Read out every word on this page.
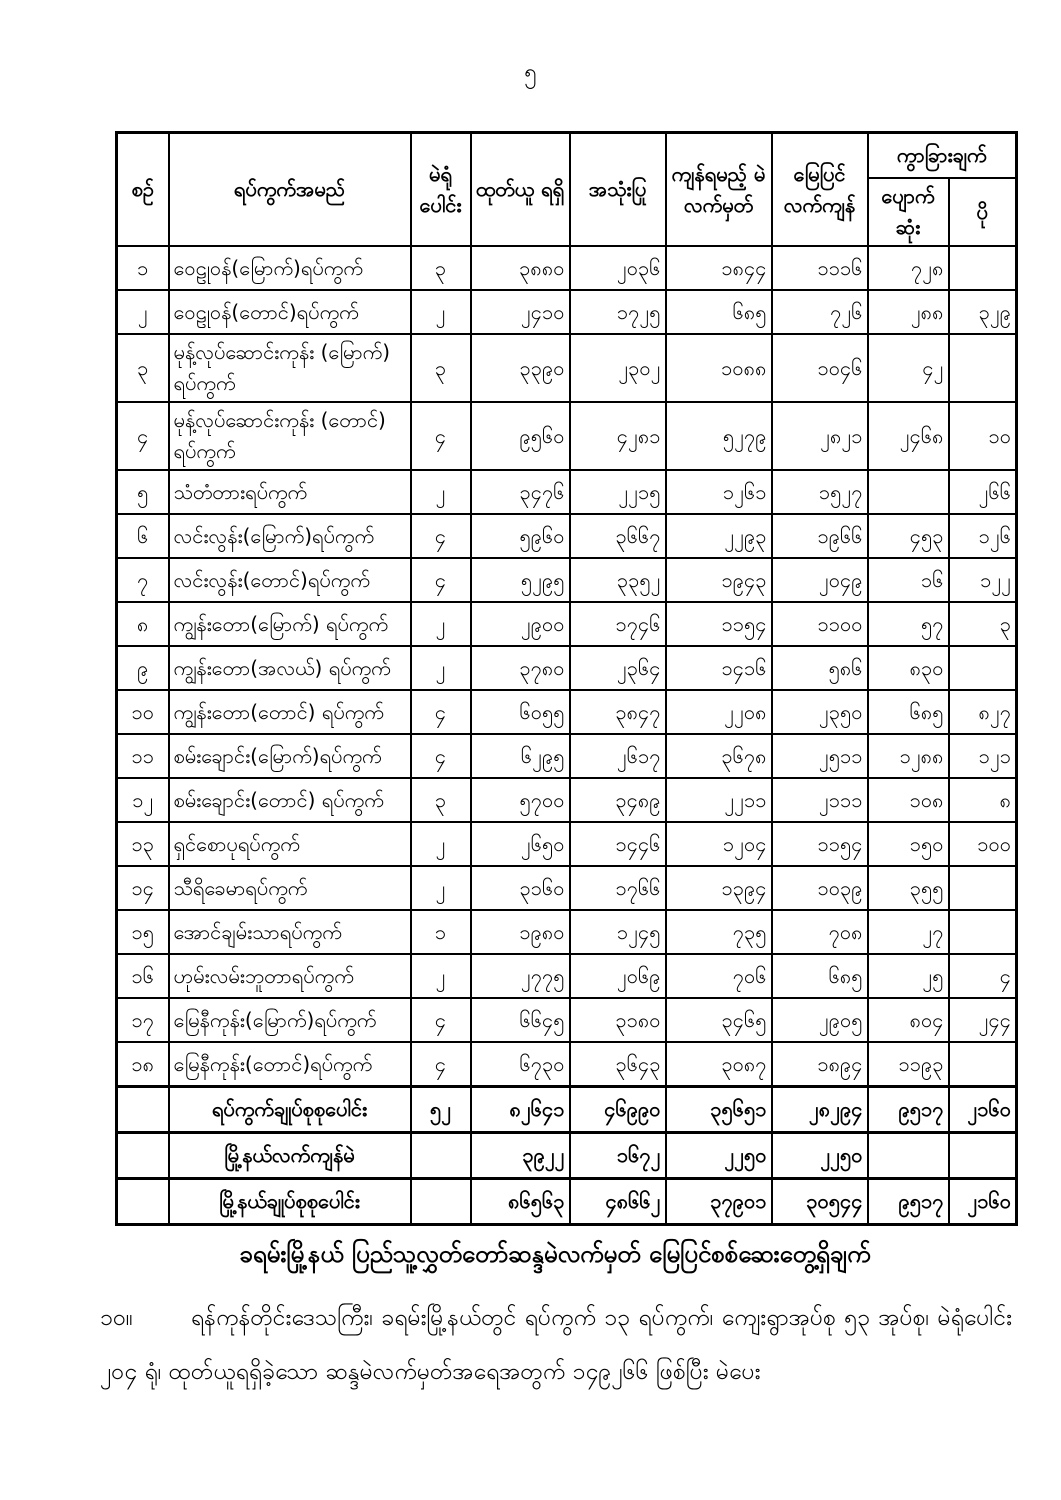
၅
စဉ်	ရပ်ကွက်အမည်	မဲရုံ ပေါင်း	ထုတ်ယူ ရရှိ	အသုံးပြု	ကျန်ရမည့် မဲလက်မှတ်	မြေပြင် လက်ကျန်	ကွာခြားချက်	
							ပျောက် ဆုံး	ပို
၁	ဝေဠုဝန်(မြောက်)ရပ်ကွက်	၃	၃၈၈၀	၂၀၃၆	၁၈၄၄	၁၁၁၆	၇၂၈	
၂	ဝေဠုဝန်(တောင်)ရပ်ကွက်	၂	၂၄၁၀	၁၇၂၅	၆၈၅	၇၂၆	၂၈၈	၃၂၉
၃	မုန့်လုပ်ဆောင်းကုန်း (မြောက်) ရပ်ကွက်	၃	၃၃၉၀	၂၃၀၂	၁၀၈၈	၁၀၄၆	၄၂	
၄	မုန့်လုပ်ဆောင်းကုန်း (တောင်) ရပ်ကွက်	၄	၉၅၆၀	၄၂၈၁	၅၂၇၉	၂၈၂၁	၂၄၆၈	၁၀
၅	သံတံတားရပ်ကွက်	၂	၃၄၇၆	၂၂၁၅	၁၂၆၁	၁၅၂၇		၂၆၆
၆	လင်းလွန်း(မြောက်)ရပ်ကွက်	၄	၅၉၆၀	၃၆၆၇	၂၂၉၃	၁၉၆၆	၄၅၃	၁၂၆
၇	လင်းလွန်း(တောင်)ရပ်ကွက်	၄	၅၂၉၅	၃၃၅၂	၁၉၄၃	၂၀၄၉	၁၆	၁၂၂
၈	ကျွန်းတော(မြောက်) ရပ်ကွက်	၂	၂၉၀၀	၁၇၄၆	၁၁၅၄	၁၁၀၀	၅၇	၃
၉	ကျွန်းတော(အလယ်) ရပ်ကွက်	၂	၃၇၈၀	၂၃၆၄	၁၄၁၆	၅၈၆	၈၃၀	
၁၀	ကျွန်းတော(တောင်) ရပ်ကွက်	၄	၆၀၅၅	၃၈၄၇	၂၂၀၈	၂၃၅၀	၆၈၅	၈၂၇
၁၁	စမ်းချောင်း(မြောက်)ရပ်ကွက်	၄	၆၂၉၅	၂၆၁၇	၃၆၇၈	၂၅၁၁	၁၂၈၈	၁၂၁
၁၂	စမ်းချောင်း(တောင်) ရပ်ကွက်	၃	၅၇၀၀	၃၄၈၉	၂၂၁၁	၂၁၁၁	၁၀၈	၈
၁၃	ရှင်စောပုရပ်ကွက်	၂	၂၆၅၀	၁၄၄၆	၁၂၀၄	၁၁၅၄	၁၅၀	၁၀၀
၁၄	သီရိခေမာရပ်ကွက်	၂	၃၁၆၀	၁၇၆၆	၁၃၉၄	၁၀၃၉	၃၅၅	
၁၅	အောင်ချမ်းသာရပ်ကွက်	၁	၁၉၈၀	၁၂၄၅	၇၃၅	၇၀၈	၂၇	
၁၆	ဟုမ်းလမ်းဘူတာရပ်ကွက်	၂	၂၇၇၅	၂၀၆၉	၇၀၆	၆၈၅	၂၅	၄
၁၇	မြေနီကုန်း(မြောက်)ရပ်ကွက်	၄	၆၆၄၅	၃၁၈၀	၃၄၆၅	၂၉၀၅	၈၀၄	၂၄၄
၁၈	မြေနီကုန်း(တောင်)ရပ်ကွက်	၄	၆၇၃၀	၃၆၄၃	၃၀၈၇	၁၈၉၄	၁၁၉၃	
	ရပ်ကွက်ချုပ်စုစုပေါင်း	၅၂	၈၂၆၄၁	၄၆၉၉၀	၃၅၆၅၁	၂၈၂၉၄	၉၅၁၇	၂၁၆၀
	မြို့နယ်လက်ကျန်မဲ		၃၉၂၂	၁၆၇၂	၂၂၅၀	၂၂၅၀		
	မြို့နယ်ချုပ်စုစုပေါင်း		၈၆၅၆၃	၄၈၆၆၂	၃၇၉၀၁	၃၀၅၄၄	၉၅၁၇	၂၁၆၀
ခရမ်းမြို့နယ် ပြည်သူ့လွှတ်တော်ဆန္ဒမဲလက်မှတ် မြေပြင်စစ်ဆေးတွေ့ရှိချက်
၁၀။	ရန်ကုန်တိုင်းဒေသကြီး၊ ခရမ်းမြို့နယ်တွင် ရပ်ကွက် ၁၃ ရပ်ကွက်၊ ကျေးရွာအုပ်စု ၅၃ အုပ်စု၊ မဲရုံပေါင်း ၂၀၄ ရုံ၊ ထုတ်ယူရရှိခဲ့သော ဆန္ဒမဲလက်မှတ်အရေအတွက် ၁၄၉၂၆၆ ဖြစ်ပြီး မဲပေး
